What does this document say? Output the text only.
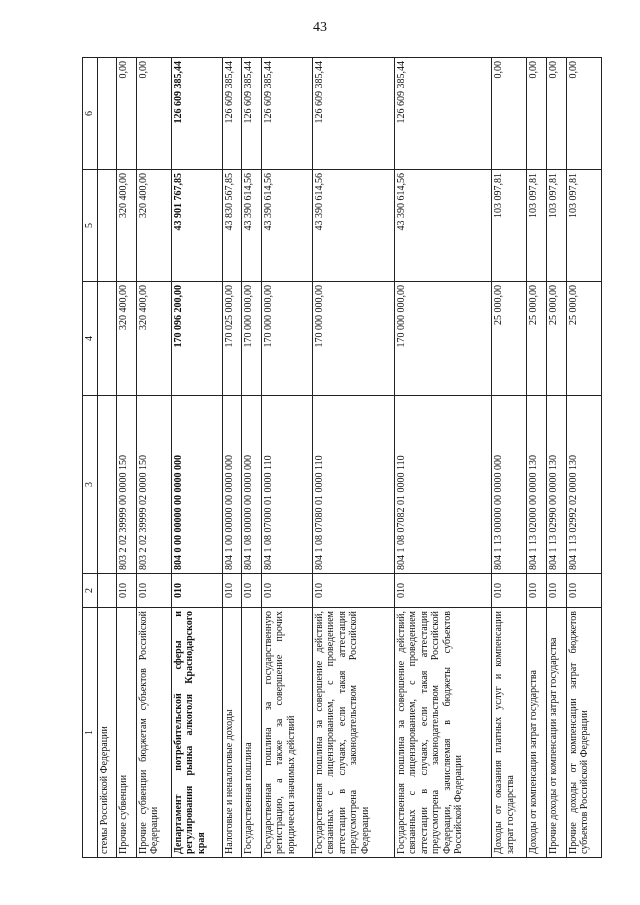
43
1	2	3	4	5	6
стемы Российской Федерации					
Прочие субвенции	010	803 2 02 39999 00 0000 150	320 400,00	320 400,00	0,00
Прочие субвенции бюджетам субъектов Российской Федерации	010	803 2 02 39999 02 0000 150	320 400,00	320 400,00	0,00
Департамент потребительской сферы и регулирования рынка алкоголя Краснодарского края	010	804 0 00 00000 00 0000 000	170 096 200,00	43 901 767,85	126 609 385,44
Налоговые и неналоговые доходы	010	804 1 00 00000 00 0000 000	170 025 000,00	43 830 567,85	126 609 385,44
Государственная пошлина	010	804 1 08 00000 00 0000 000	170 000 000,00	43 390 614,56	126 609 385,44
Государственная пошлина за государственную регистрацию, а также за совершение прочих юридически значимых действий	010	804 1 08 07000 01 0000 110	170 000 000,00	43 390 614,56	126 609 385,44
Государственная пошлина за совершение действий, связанных с лицензированием, с проведением аттестации в случаях, если такая аттестация предусмотрена законодательством Российской Федерации	010	804 1 08 07080 01 0000 110	170 000 000,00	43 390 614,56	126 609 385,44
Государственная пошлина за совершение действий, связанных с лицензированием, с проведением аттестации в случаях, если такая аттестация предусмотрена законодательством Российской Федерации, зачисляемая в бюджеты субъектов Российской Федерации	010	804 1 08 07082 01 0000 110	170 000 000,00	43 390 614,56	126 609 385,44
Доходы от оказания платных услуг и компенсации затрат государства	010	804 1 13 00000 00 0000 000	25 000,00	103 097,81	0,00
Доходы от компенсации затрат государства	010	804 1 13 02000 00 0000 130	25 000,00	103 097,81	0,00
Прочие доходы от компенсации затрат государства	010	804 1 13 02990 00 0000 130	25 000,00	103 097,81	0,00
Прочие доходы от компенсации затрат бюджетов субъектов Российской Федерации	010	804 1 13 02992 02 0000 130	25 000,00	103 097,81	0,00
